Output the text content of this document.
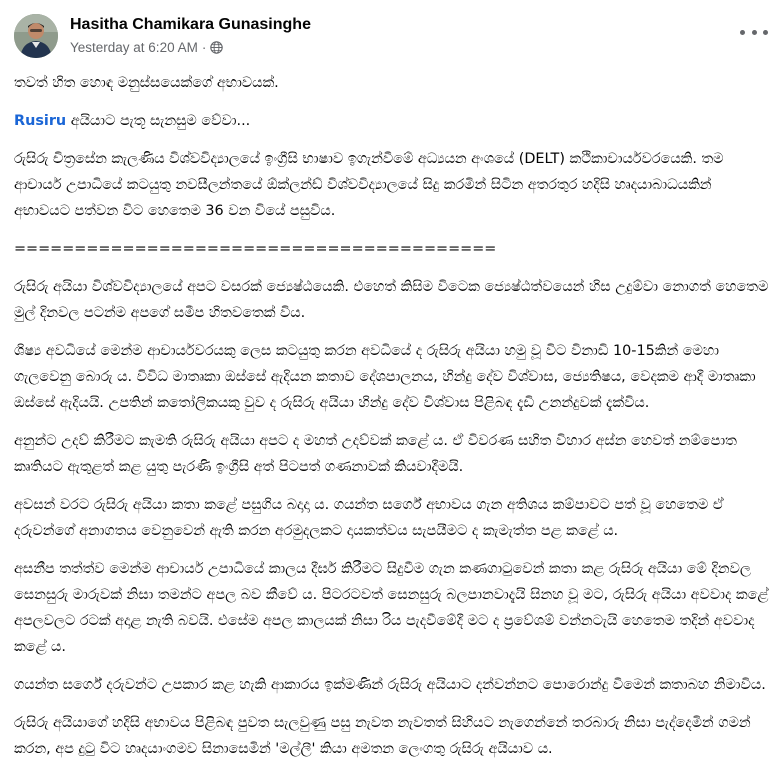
Hasitha Chamikara Gunasinghe
Yesterday at 6:20 AM ·

තවත් හිත හොඳ මනුස්සයෙක්ගේ අභාවයක්.

Rusiru අයියාට පැතූ සැනසුම වේවා...

රුසිරු චිත්‍රසේන කැලණිය විශ්වවිද්‍යාලයේ ඉංග්‍රීසි භාෂාව ඉගැන්වීමේ අධ්‍යයන අංශයේ (DELT) කථිකාචාර්යවරයෙකි. තම ආචාර්ය උපාධියේ කටයුතු නවසීලන්තයේ ඕක්ලන්ඩ් විශ්වවිද්‍යාලයේ සිදු කරමින් සිටින අතරතුර හදිසි හෘදයාබාධයකින් අභාවයට පත්වන විට හෙතෙම 36 වන වියේ පසුවිය.

========================================

රුසිරු අයියා විශ්වවිද්‍යාලයේ අපට වසරක් ජ්‍යෙෂ්ඨයෙකි. එහෙත් කිසිම විටෙක ජ්‍යෙෂ්ඨත්වයෙන් හිස උදුම්වා නොගත් හෙතෙම මුල් දිනවල පටන්ම අපගේ සමීප හිතවතෙක් විය.

ශිෂ්‍ය අවධියේ මෙන්ම ආචාර්යවරයකු ලෙස කටයුතු කරන අවධියේ ද රුසිරු අයියා හමු වූ විට විනාඩි 10-15කින් මෙහා ගැලවෙනු බොරු ය. විවිධ මාතෘකා ඔස්සේ ඇදියන කතාව දේශපාලනය, හින්දු දේව විශ්වාස, ජ්‍යෙතිෂය, වෙදකම ආදී මාතෘකා ඔස්සේ ඇදියයි. උපතින් කතෝලිකයකු වුව ද රුසිරු අයියා හින්දු දේව විශ්වාස පිළිබඳ දැඩි උනන්දුවක් දැක්විය.

අනුන්ට උදව් කිරීමට කැමති රුසිරු අයියා අපට ද මහත් උදව්වක් කළේ ය. ඒ විවරණ සහිත විහාර අස්න හෙවත් නම්පොත කෘතියට ඇතුළත් කළ යුතු පැරණි ඉංග්‍රීසි අත් පිටපත් ගණනාවක් කියවාදීමයි.

අවසන් වරට රුසිරු අයියා කතා කළේ පසුගිය බදාදා ය. ගයන්ත සර්ගේ අභාවය ගැන අතිශය කම්පාවට පත් වූ හෙතෙම ඒ දරුවන්ගේ අනාගතය වෙනුවෙන් ඇති කරන අරමුදලකට දායකත්වය සැපයීමට ද කැමැත්ත පළ කළේ ය.

අසනීප තත්ත්ව මෙන්ම ආචාර්ය උපාධියේ කාලය දීර්ඝ කිරීමට සිදුවීම ගැන කණගාටුවෙන් කතා කළ රුසිරු අයියා මේ දිනවල සෙනසුරු මාරුවක් නිසා තමන්ට අපල බව කීවේ ය. පිටරටවත් සෙනසුරු බලපානවාදැයි සිනහ වූ මට, රුසිරු අයියා අවවාද කළේ අපලවලට රටක් අදාළ නැති බවයි. එසේම අපල කාලයක් නිසා රිය පැදවීමේදී මට ද ප්‍රවේශම් වන්නටැයි හෙතෙම තදින් අවවාද කළේ ය.

ගයන්ත සර්ගේ දරුවන්ට උපකාර කළ හැකි ආකාරය ඉක්මණින් රුසිරු අයියාට දන්වන්නට පොරොන්දු වීමෙන් කතාබහ නිමාවිය.

රුසිරු අයියාගේ හදිසි අභාවය පිළිබඳ පුවත සැලවුණු පසු නැවත නැවතත් සිහියට නැගෙන්නේ තරබාරු නිසා පැද්දෙමින් ගමන් කරන, අප දුටු විට හෘදයාංගමව සිනාසෙමින් 'මල්ලී' කියා අමතන ලෙංගතු රුසිරු අයියාව ය.
